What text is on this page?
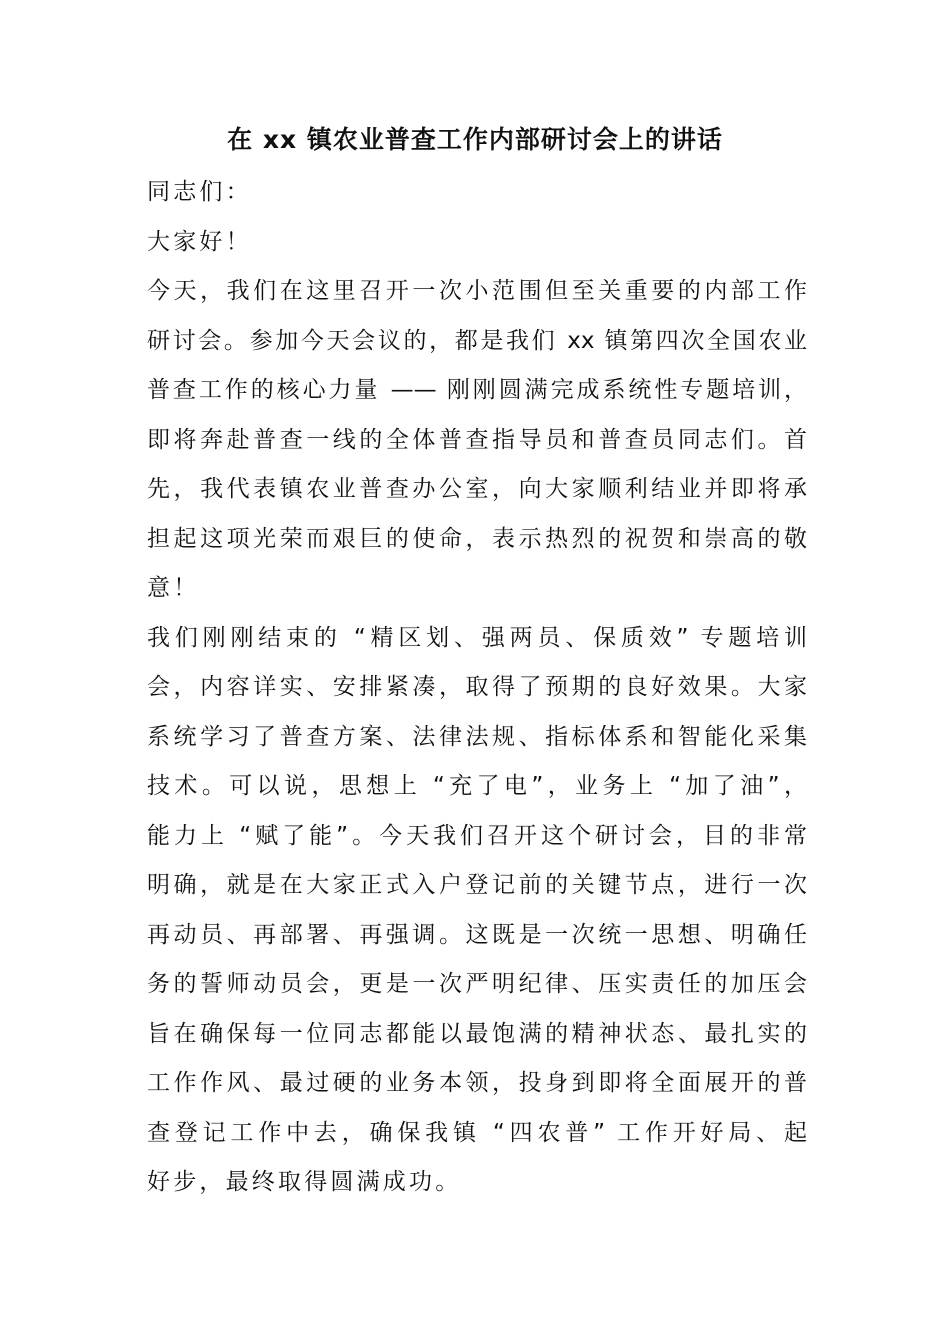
在 xx 镇农业普查工作内部研讨会上的讲话
同志们：
大家好！
今天，我们在这里召开一次小范围但至关重要的内部工作
研讨会。参加今天会议的，都是我们 xx 镇第四次全国农业
普查工作的核心力量 —— 刚刚圆满完成系统性专题培训，
即将奔赴普查一线的全体普查指导员和普查员同志们。首
先，我代表镇农业普查办公室，向大家顺利结业并即将承
担起这项光荣而艰巨的使命，表示热烈的祝贺和崇高的敬
意！
我们刚刚结束的 “精区划、强两员、保质效” 专题培训
会，内容详实、安排紧凑，取得了预期的良好效果。大家
系统学习了普查方案、法律法规、指标体系和智能化采集
技术。可以说，思想上 “充了电”，业务上 “加了油”，
能力上 “赋了能”。今天我们召开这个研讨会，目的非常
明确，就是在大家正式入户登记前的关键节点，进行一次
再动员、再部署、再强调。这既是一次统一思想、明确任
务的誓师动员会，更是一次严明纪律、压实责任的加压会
旨在确保每一位同志都能以最饱满的精神状态、最扎实的
工作作风、最过硬的业务本领，投身到即将全面展开的普
查登记工作中去，确保我镇 “四农普” 工作开好局、起
好步，最终取得圆满成功。
